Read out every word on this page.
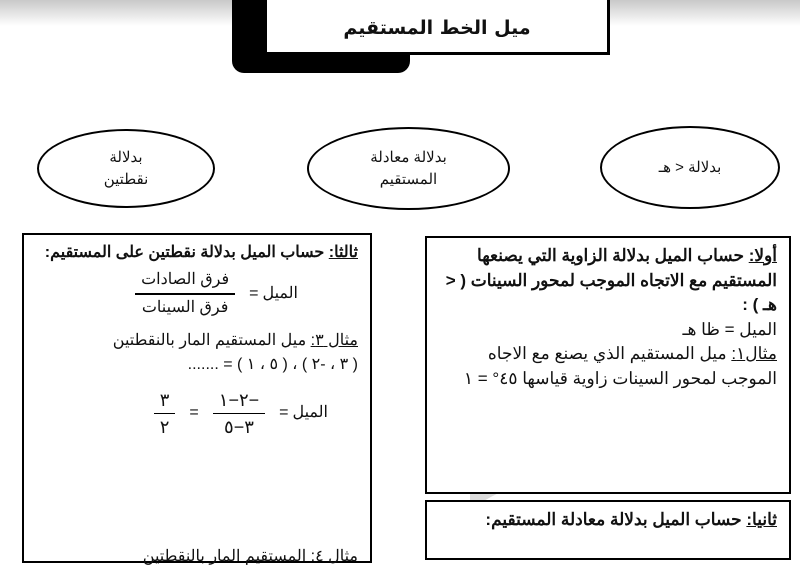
ميل الخط المستقيم
بدلالة
نقطتين
بدلالة معادلة
المستقيم
بدلالة < هـ
ثالثا: حساب الميل بدلالة نقطتين على المستقيم:
الميل
=
$\frac{\text{فرق الصادات}}{\text{فرق السينات}}$
مثال ٣: ميل المستقيم المار بالنقطتين
( ٣ ، -٢ ) ، ( ٥ ، ١ ) = .......
الميل
=
$\frac{-٢-١}{٣-٥}$
=
$\frac{٣}{٢}$
مثال ٤: المستقيم المار بالنقطتين
أولا: حساب الميل بدلالة الزاوية التي يصنعها المستقيم مع الاتجاه الموجب لمحور السينات ( < هـ ) :
الميل = ظا هـ
مثال١: ميل المستقيم الذي يصنع مع الاجاه الموجب لمحور السينات زاوية قياسها ٤٥° = ١
ثانيا: حساب الميل بدلالة معادلة المستقيم:
